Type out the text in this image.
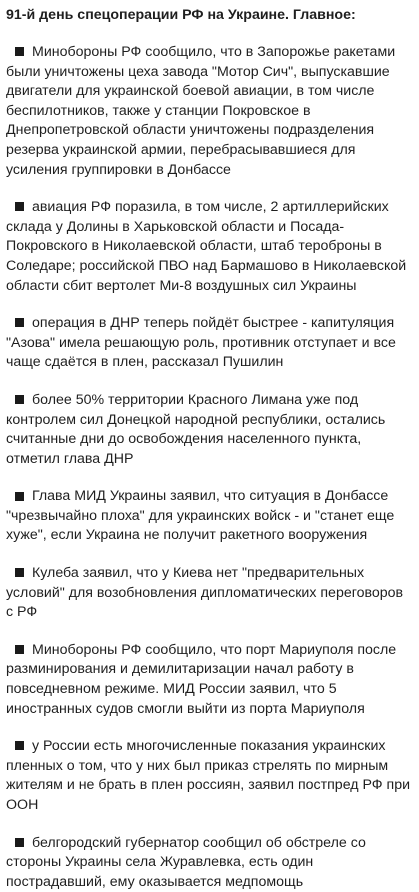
91-й день спецоперации РФ на Украине. Главное:
Минобороны РФ сообщило, что в Запорожье ракетами были уничтожены цеха завода "Мотор Сич", выпускавшие двигатели для украинской боевой авиации, в том числе беспилотников, также у станции Покровское в Днепропетровской области уничтожены подразделения резерва украинской армии, перебрасывавшиеся для усиления группировки в Донбассе
авиация РФ поразила, в том числе, 2 артиллерийских склада у Долины в Харьковской области и Посада-Покровского в Николаевской области, штаб тероброны в Соледаре; российской ПВО над Бармашово в Николаевской области сбит вертолет Ми-8 воздушных сил Украины
операция в ДНР теперь пойдёт быстрее - капитуляция "Азова" имела решающую роль, противник отступает и все чаще сдаётся в плен, рассказал Пушилин
более 50% территории Красного Лимана уже под контролем сил Донецкой народной республики, остались считанные дни до освобождения населенного пункта, отметил глава ДНР
Глава МИД Украины заявил, что ситуация в Донбассе "чрезвычайно плоха" для украинских войск - и "станет еще хуже", если Украина не получит ракетного вооружения
Кулеба заявил, что у Киева нет "предварительных условий" для возобновления дипломатических переговоров с РФ
Минобороны РФ сообщило, что порт Мариуполя после разминирования и демилитаризации начал работу в повседневном режиме. МИД России заявил, что 5 иностранных судов смогли выйти из порта Мариуполя
у России есть многочисленные показания украинских пленных о том, что у них был приказ стрелять по мирным жителям и не брать в плен россиян, заявил постпред РФ при ООН
белгородский губернатор сообщил об обстреле со стороны Украины села Журавлевка, есть один пострадавший, ему оказывается медпомощь
